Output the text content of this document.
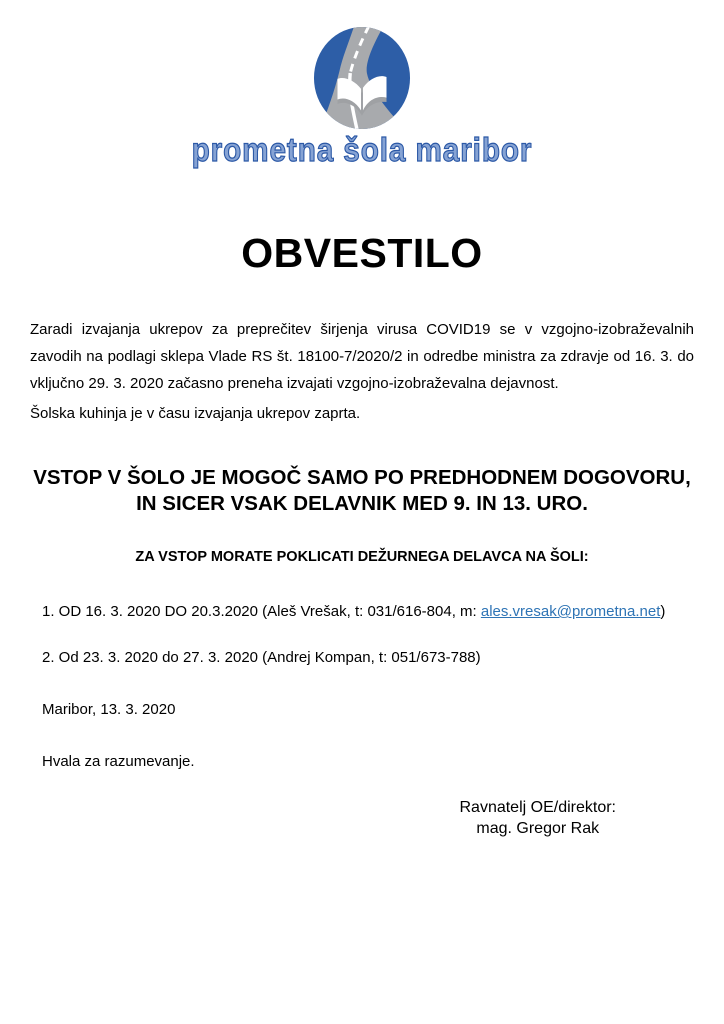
prometna šola maribor
OBVESTILO

Zaradi izvajanja ukrepov za preprečitev širjenja virusa COVID19 se v vzgojno-izobraževalnih zavodih na podlagi sklepa Vlade RS št. 18100-7/2020/2 in odredbe ministra za zdravje od 16. 3. do vključno 29. 3. 2020 začasno preneha izvajati vzgojno-izobraževalna dejavnost.

Šolska kuhinja je v času izvajanja ukrepov zaprta.

VSTOP V ŠOLO JE MOGOČ SAMO PO PREDHODNEM DOGOVORU, IN SICER VSAK DELAVNIK MED 9. IN 13. URO.

ZA VSTOP MORATE POKLICATI DEŽURNEGA DELAVCA NA ŠOLI:

1. OD 16. 3. 2020 DO 20.3.2020 (Aleš Vrešak, t: 031/616-804, m: ales.vresak@prometna.net)

2. Od 23. 3. 2020 do 27. 3. 2020 (Andrej Kompan, t: 051/673-788)

Maribor, 13. 3. 2020

Hvala za razumevanje.

Ravnatelj OE/direktor:
mag. Gregor Rak
